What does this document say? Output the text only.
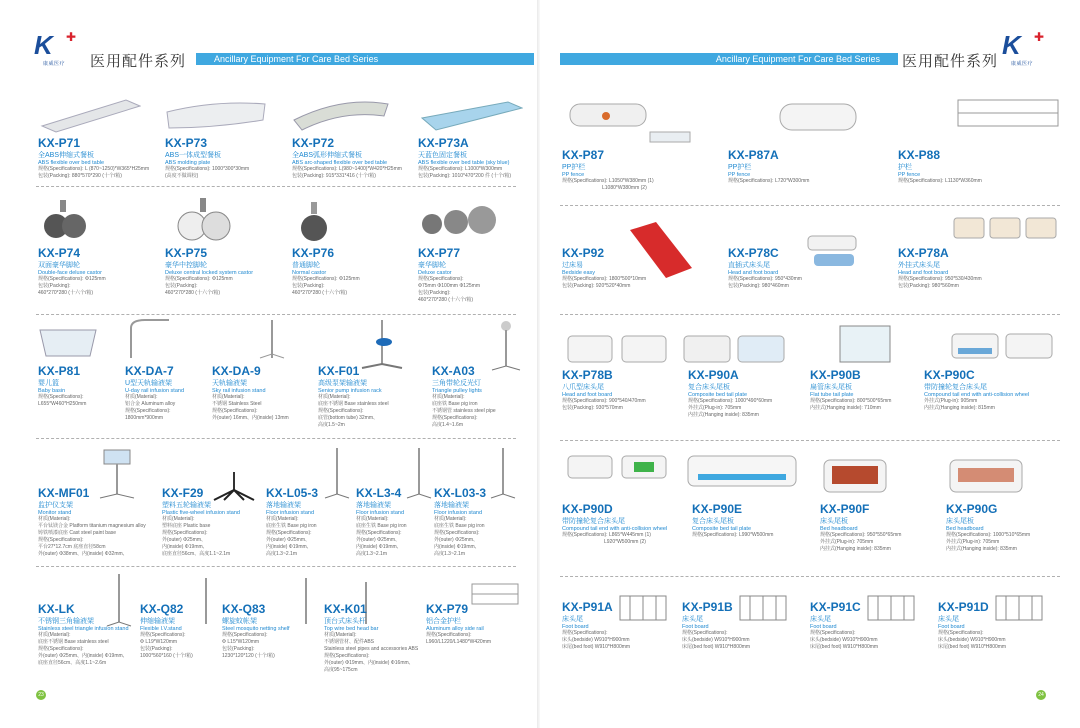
K	✚
康威医疗	医用配件系列	Ancillary Equipment For Care Bed Series
KX-P71
全ABS伸缩式餐板
ABS flexible over bed table
规格(Specifications): L (870~1250)*W365*H25mm
包装(Packing): 880*570*290 (十个/箱)
KX-P73
ABS一体成型餐板
ABS molding plate
规格(Specifications): 1000*300*30mm
(高度不做调校)
KX-P72
全ABS弧形伸缩式餐板
ABS arc-shaped flexible over bed table
规格(Specifications): L(980~1400)*W420*H25mm
包装(Packing): 915*331*416 (十个/箱)
KX-P73A
天蓝色固定餐板
ABS flexible over bed table (sky blue)
规格(Specifications): L1000*W300mm
包装(Packing): 1010*470*200 件 (十个/箱)
KX-P74
双面豪华脚轮
Double-face deluxe castor
规格(Specifications): Φ125mm
包装(Packing):
460*270*280 (十六个/箱)
KX-P75
豪华中控脚轮
Deluxe central locked system castor
规格(Specifications): Φ125mm
包装(Packing):
460*270*280 (十六个/箱)
KX-P76
普通脚轮
Normal castor
规格(Specifications): Φ125mm
包装(Packing):
460*270*280 (十六个/箱)
KX-P77
豪华脚轮
Deluxe castor
规格(Specifications):
Φ75mm Φ100mm Φ125mm
包装(Packing):
460*270*280 (十六个/箱)
KX-P81
婴儿篮
Baby basin
规格(Specifications):
L655*W460*H250mm
KX-DA-7
U型天轨输液架
U-day rail infusion stand
材质(Material):
铝合金 Aluminum alloy
规格(Specifications):
1800mm*900mm
KX-DA-9
天轨输液架
Sky rail infusion stand
材质(Material):
不锈钢 Stainless Steel
规格(Specifications):
外(outer) 16mm、内(inside) 13mm
KX-F01
高级泵架输液架
Senior pump infusion rack
材质(Material):
底座不锈钢 Base stainless steel
规格(Specifications):
底管(bottom tube) 32mm、
高度1.5~2m
KX-A03
三角带轮反光灯
Triangle pulley lights
材质(Material):
底座铁 Base pig iron
不锈钢管 stainless steel pipe
规格(Specifications):
高度1.4~1.6m
KX-MF01
监护仪支架
Monitor stand
材质(Material):
平台钛镁合金 Platform titanium magnesium alloy
铸铁喷漆底座 Cast steel paint base
规格(Specifications):
平台27*12.7cm 底座直径58cm
外(outer) Φ38mm、内(inside) Φ32mm、
KX-F29
塑料五轮输液架
Plastic five-wheel infusion stand
材质(Material):
塑料底座 Plastic base
规格(Specifications):
外(outer) Φ25mm、
内(inside) Φ19mm、
底座直径56cm、高度1.1~2.1m
KX-L05-3
落地输液架
Floor infusion stand
材质(Material):
底座生铁 Base pig iron
规格(Specifications):
外(outer) Φ25mm、
内(inside) Φ19mm、
高度1.3~2.1m
KX-L3-4
落地输液架
Floor infusion stand
材质(Material):
底座生铁 Base pig iron
规格(Specifications):
外(outer) Φ25mm、
内(inside) Φ19mm、
高度1.3~2.1m
KX-L03-3
落地输液架
Floor infusion stand
材质(Material):
底座生铁 Base pig iron
规格(Specifications):
外(outer) Φ25mm、
内(inside) Φ19mm、
高度1.3~2.1m
KX-LK
不锈钢三角输液架
Stainless steel triangle infusion stand
材质(Material):
底座不锈钢 Base stainless steel
规格(Specifications):
外(outer) Φ25mm、内(inside) Φ19mm、
底座直径56cm、高度1.1~2.6m
KX-Q82
伸缩输液架
Flexible I.V.stand
规格(Specifications):
Φ L19*W120mm
包装(Packing):
1000*560*160 (十个/箱)
KX-Q83
螺旋蚊帐架
Steel mosquito netting shelf
规格(Specifications):
Φ L15*W120mm
包装(Packing):
1230*120*120 (十个/箱)
KX-K01
顶台式床头杆
Top wire bed head bar
材质(Material):
不锈钢管材、配件ABS
Stainless steel pipes and accessories ABS
规格(Specifications):
外(outer) Φ19mm、内(inside) Φ16mm、
高度95~175cm
KX-P79
铝合金护栏
Aluminum alloy side rail
规格(Specifications):
L960/L1220/L1480*W420mm
23
Ancillary Equipment For Care Bed Series	医用配件系列
K	✚
康威医疗
KX-P87
PP护栏
PP fence
规格(Specifications): L1050*W380mm (1)
L1080*W380mm (2)
KX-P87A
PP护栏
PP fence
规格(Specifications): L720*W300mm
KX-P88
护栏
PP fence
规格(Specifications): L1130*W360mm
KX-P92
过床易
Bedside easy
规格(Specifications): 1800*500*10mm
包装(Packing): 920*520*40mm
KX-P78C
直插式床头尾
Head and foot board
规格(Specifications): 950*430mm
包装(Packing): 980*460mm
KX-P78A
外挂式床头尾
Head and foot board
规格(Specifications): 950*530/430mm
包装(Packing): 980*560mm
KX-P78B
八爪型床头尾
Head and foot board
规格(Specifications): 900*540/470mm
包装(Packing): 930*570mm
KX-P90A
复合床头尾板
Composite bed tail plate
规格(Specifications): 1000*490*60mm
外挂式(Plug-in): 705mm
内挂式(Hanging inside): 835mm
KX-P90B
扁管床头尾板
Flat tube tail plate
规格(Specifications): 800*500*65mm
内挂式(Hanging inside): 710mm
KX-P90C
带防撞轮复合床头尾
Compound tail end with anti-collision wheel
外挂式(Plug-in): 905mm
内挂式(Hanging inside): 815mm
KX-P90D
带防撞轮复合床头尾
Compound tail end with anti-collision wheel
规格(Specifications): L865*W445mm (1)
L920*W500mm (2)
KX-P90E
复合床头尾板
Composite bed tail plate
规格(Specifications): L990*W500mm
KX-P90F
床头尾板
Bed headboard
规格(Specifications): 950*550*65mm
外挂式(Plug-in): 705mm
内挂式(Hanging inside): 835mm
KX-P90G
床头尾板
Bed headboard
规格(Specifications): 1000*510*65mm
外挂式(Plug-in): 705mm
内挂式(Hanging inside): 835mm
KX-P91A
床头尾
Foot board
规格(Specifications):
床头(bedside) W910*H900mm
床尾(bed foot) W910*H800mm
KX-P91B
床头尾
Foot board
规格(Specifications):
床头(bedside) W910*H900mm
床尾(bed foot) W910*H800mm
KX-P91C
床头尾
Foot board
规格(Specifications):
床头(bedside) W910*H900mm
床尾(bed foot) W910*H800mm
KX-P91D
床头尾
Foot board
规格(Specifications):
床头(bedside) W910*H900mm
床尾(bed foot) W910*H800mm
24
